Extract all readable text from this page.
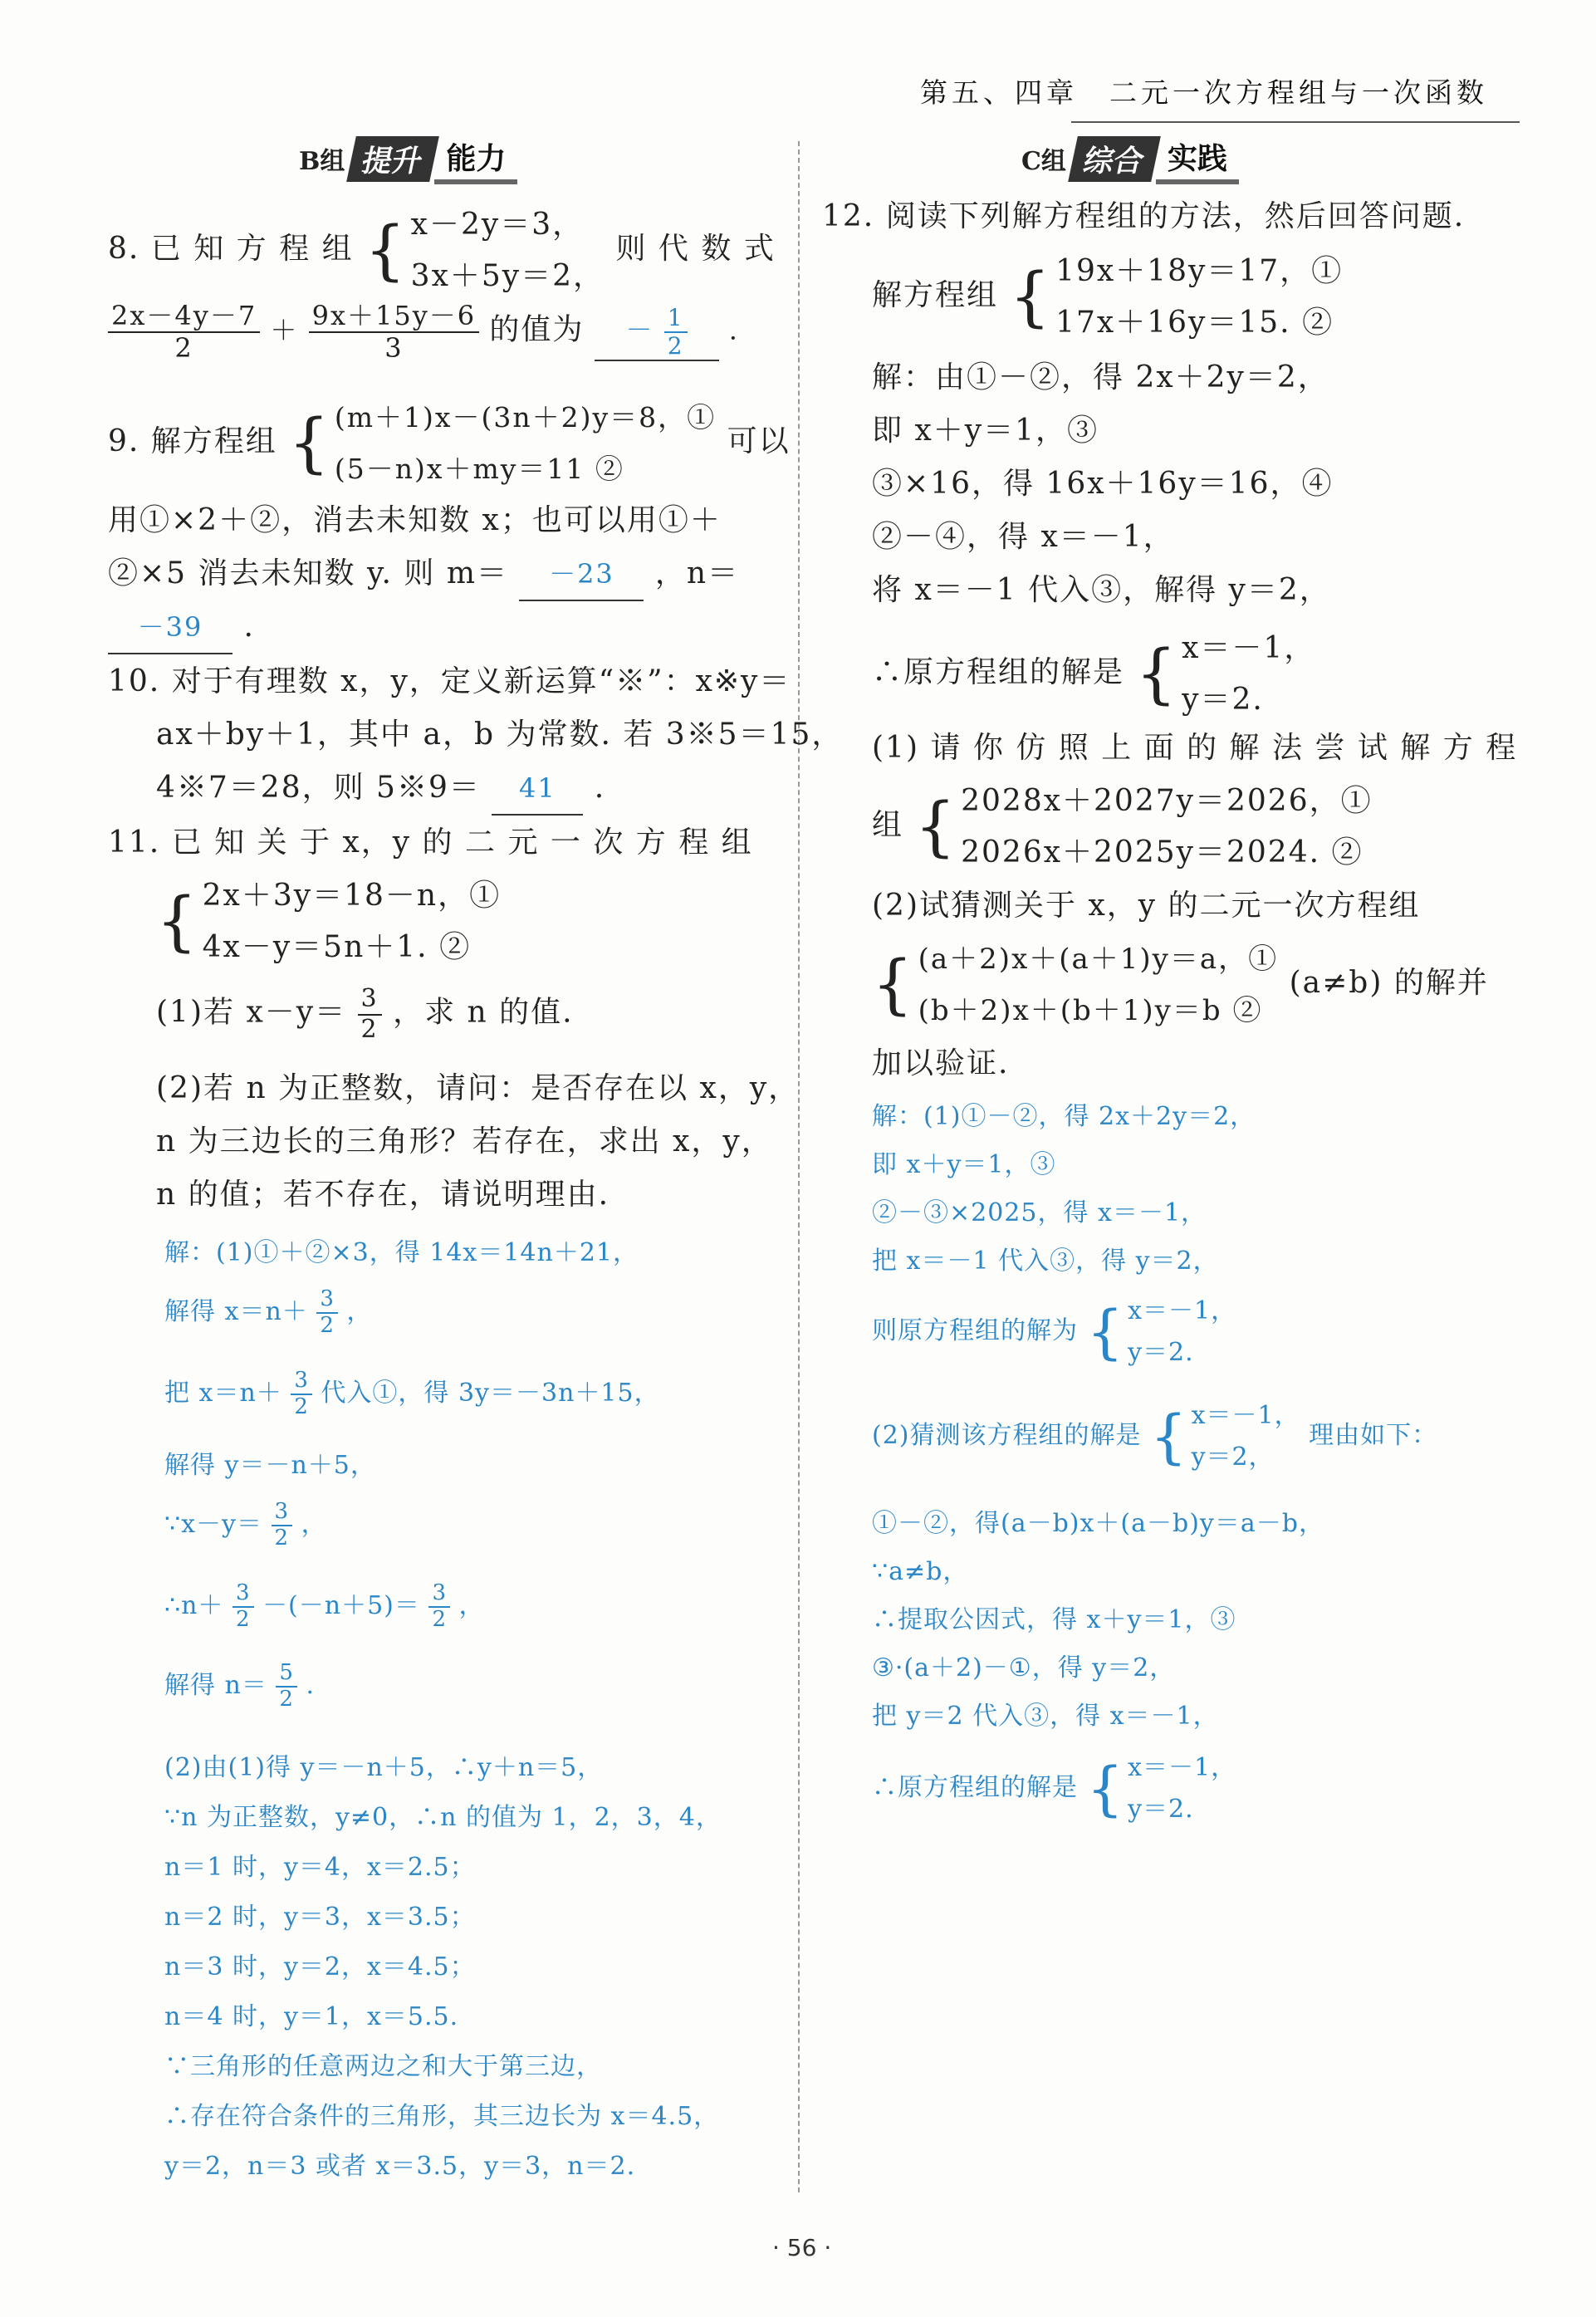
第五、四章　二元一次方程组与一次函数
B组 提升 能力	C组 综合 实践
8. 已 知 方 程 组 { x－2y＝3，
3x＋5y＝2，
则 代 数 式
$\frac{2x-4y-7}{2} + \frac{9x+15y-6}{3}$ 的值为 － $\frac{1}{2}$ .
9. 解方程组 { (m＋1)x－(3n＋2)y＝8，①
(5－n)x＋my＝11 ②
可以
用①×2＋②，消去未知数 x；也可以用①＋
②×5 消去未知数 y. 则 m＝ －23 ，n＝
－39 .
10. 对于有理数 x，y，定义新运算“※”：x※y＝
ax＋by＋1，其中 a，b 为常数. 若 3※5＝15，
4※7＝28，则 5※9＝ 41 .
11. 已 知 关 于 x，y 的 二 元 一 次 方 程 组
{ 2x＋3y＝18－n，①
4x－y＝5n＋1. ②
(1)若 $x-y= \frac{3}{2}$ ，求 n 的值.
(2)若 n 为正整数，请问：是否存在以 x，y，
n 为三边长的三角形？若存在，求出 x，y，
n 的值；若不存在，请说明理由.
解：(1)①＋②×3，得 14x＝14n＋21，
解得 $x=n+ \frac{3}{2}$ ，
把 $x=n+ \frac{3}{2}$ 代入①，得 3y＝－3n＋15，
解得 y＝－n＋5，
∵x－y＝ $\frac{3}{2}$ ，
∴n＋ $\frac{3}{2} -(-n+5)= \frac{3}{2}$ ，
解得 $n= \frac{5}{2}$ .
(2)由(1)得 y＝－n＋5，∴y＋n＝5，
∵n 为正整数，y≠0，∴n 的值为 1，2，3，4，
n＝1 时，y＝4，x＝2.5；
n＝2 时，y＝3，x＝3.5；
n＝3 时，y＝2，x＝4.5；
n＝4 时，y＝1，x＝5.5.
∵三角形的任意两边之和大于第三边，
∴存在符合条件的三角形，其三边长为 x＝4.5，
y＝2，n＝3 或者 x＝3.5，y＝3，n＝2.
12. 阅读下列解方程组的方法，然后回答问题.
解方程组 { 19x＋18y＝17，①
17x＋16y＝15. ②
解：由①－②，得 2x＋2y＝2，
即 x＋y＝1，③
③×16，得 16x＋16y＝16，④
②－④，得 x＝－1，
将 x＝－1 代入③，解得 y＝2，
∴原方程组的解是 { x＝－1，
y＝2.
(1) 请 你 仿 照 上 面 的 解 法 尝 试 解 方 程
组 { 2028x＋2027y＝2026，①
2026x＋2025y＝2024. ②
(2)试猜测关于 x，y 的二元一次方程组
{ (a＋2)x＋(a＋1)y＝a，①
(b＋2)x＋(b＋1)y＝b ②
(a≠b) 的解并
加以验证.
解：(1)①－②，得 2x＋2y＝2，
即 x＋y＝1，③
②－③×2025，得 x＝－1，
把 x＝－1 代入③，得 y＝2，
则原方程组的解为 { x＝－1，
y＝2.
(2)猜测该方程组的解是 { x＝－1，
y＝2，
理由如下：
①－②，得(a－b)x＋(a－b)y＝a－b，
∵a≠b，
∴提取公因式，得 x＋y＝1，③
③·(a＋2)－①，得 y＝2，
把 y＝2 代入③，得 x＝－1，
∴原方程组的解是 { x＝－1，
y＝2.
· 56 ·
